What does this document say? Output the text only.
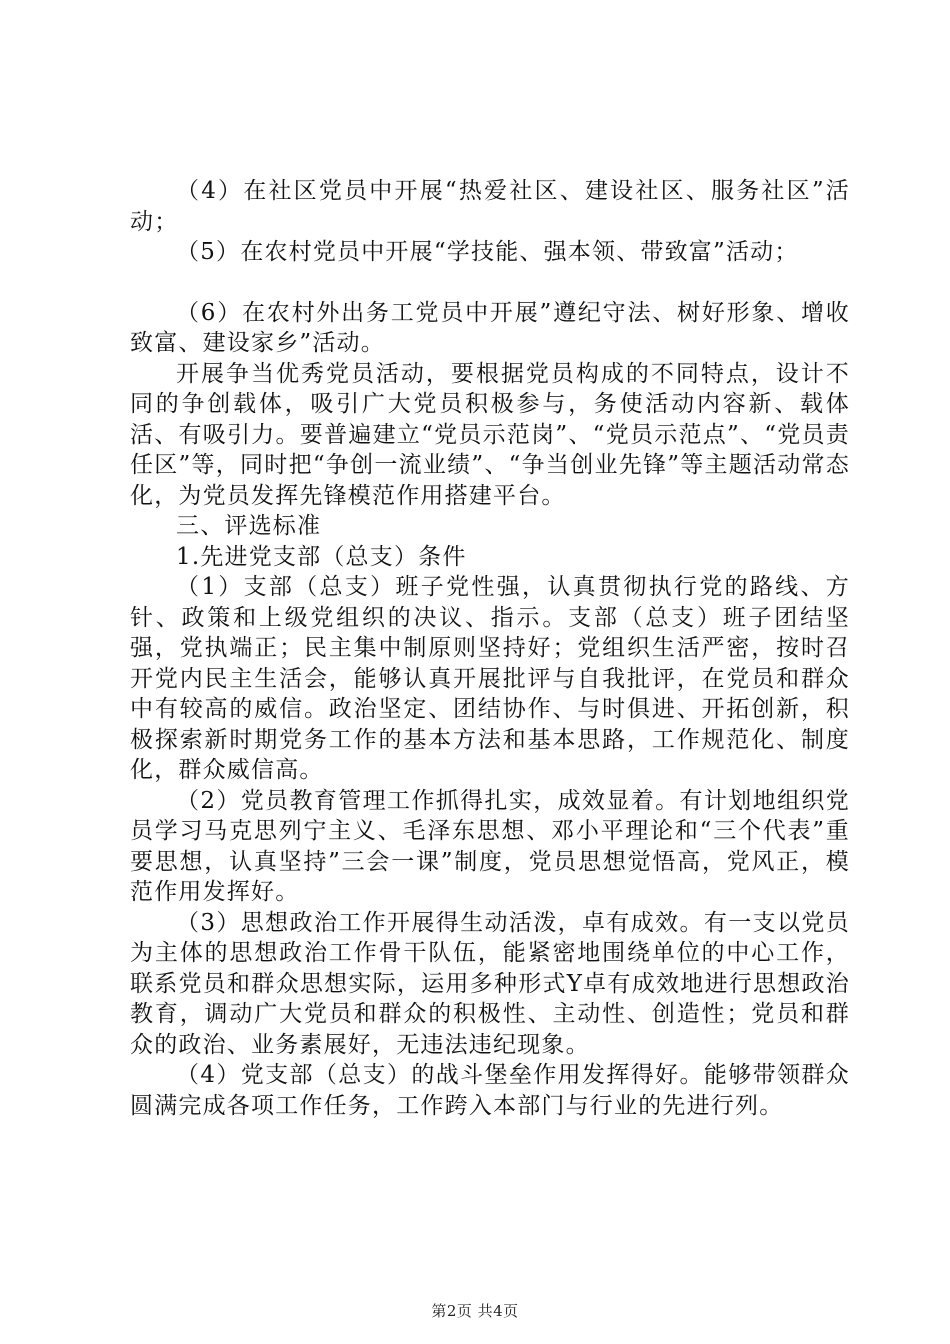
（4）在社区党员中开展“热爱社区、建设社区、服务社区”活动；

（5）在农村党员中开展“学技能、强本领、带致富”活动；

（6）在农村外出务工党员中开展”遵纪守法、树好形象、增收致富、建设家乡”活动。

开展争当优秀党员活动，要根据党员构成的不同特点，设计不同的争创载体，吸引广大党员积极参与，务使活动内容新、载体活、有吸引力。要普遍建立“党员示范岗”、“党员示范点”、“党员责任区”等，同时把“争创一流业绩”、“争当创业先锋”等主题活动常态化，为党员发挥先锋模范作用搭建平台。

三、评选标准

1.先进党支部（总支）条件

（1）支部（总支）班子党性强，认真贯彻执行党的路线、方针、政策和上级党组织的决议、指示。支部（总支）班子团结坚强，党执端正；民主集中制原则坚持好；党组织生活严密，按时召开党内民主生活会，能够认真开展批评与自我批评，在党员和群众中有较高的威信。政治坚定、团结协作、与时俱进、开拓创新，积极探索新时期党务工作的基本方法和基本思路，工作规范化、制度化，群众威信高。

（2）党员教育管理工作抓得扎实，成效显着。有计划地组织党员学习马克思列宁主义、毛泽东思想、邓小平理论和“三个代表”重要思想，认真坚持”三会一课”制度，党员思想觉悟高，党风正，模范作用发挥好。

（3）思想政治工作开展得生动活泼，卓有成效。有一支以党员为主体的思想政治工作骨干队伍，能紧密地围绕单位的中心工作，联系党员和群众思想实际，运用多种形式Y卓有成效地进行思想政治教育，调动广大党员和群众的积极性、主动性、创造性；党员和群众的政治、业务素展好，无违法违纪现象。

（4）党支部（总支）的战斗堡垒作用发挥得好。能够带领群众圆满完成各项工作任务，工作跨入本部门与行业的先进行列。

第2页 共4页
